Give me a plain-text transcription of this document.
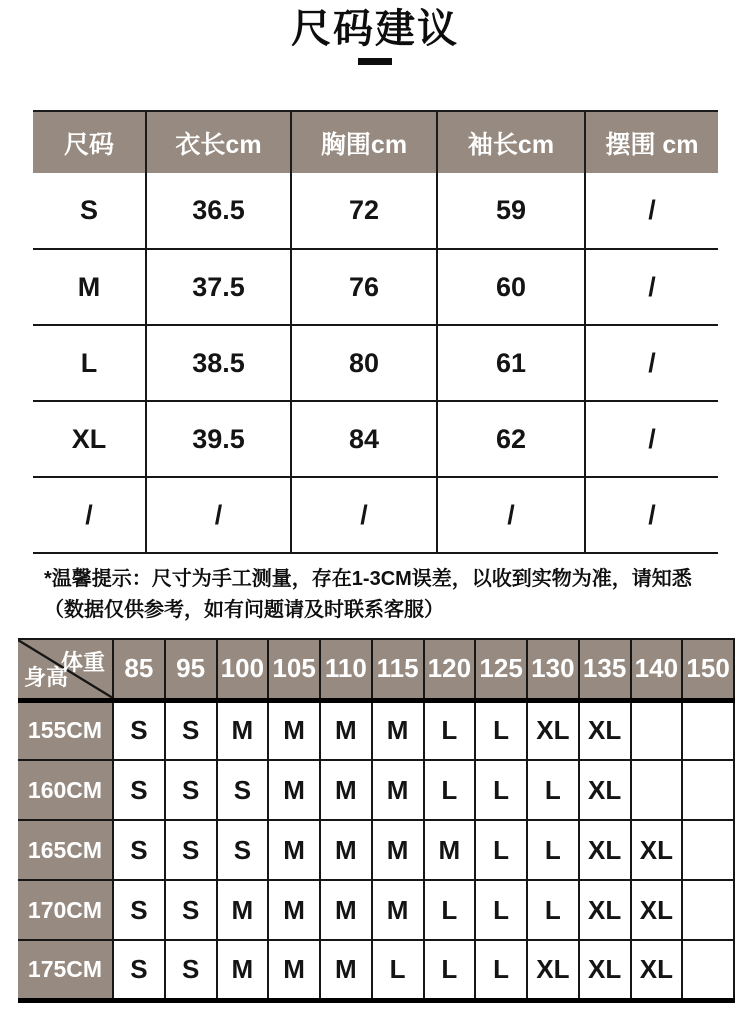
尺码建议
尺码	衣长cm	胸围cm	袖长cm	摆围 cm
S	36.5	72	59	/
M	37.5	76	60	/
L	38.5	80	61	/
XL	39.5	84	62	/
/	/	/	/	/
*温馨提示：尺寸为手工测量，存在1-3CM误差，以收到实物为准，请知悉
（数据仅供参考，如有问题请及时联系客服）
体重
身高	85	95	100	105	110	115	120	125	130	135	140	150
155CM	S	S	M	M	M	M	L	L	XL	XL		
160CM	S	S	S	M	M	M	L	L	L	XL		
165CM	S	S	S	M	M	M	M	L	L	XL	XL	
170CM	S	S	M	M	M	M	L	L	L	XL	XL	
175CM	S	S	M	M	M	L	L	L	XL	XL	XL	
